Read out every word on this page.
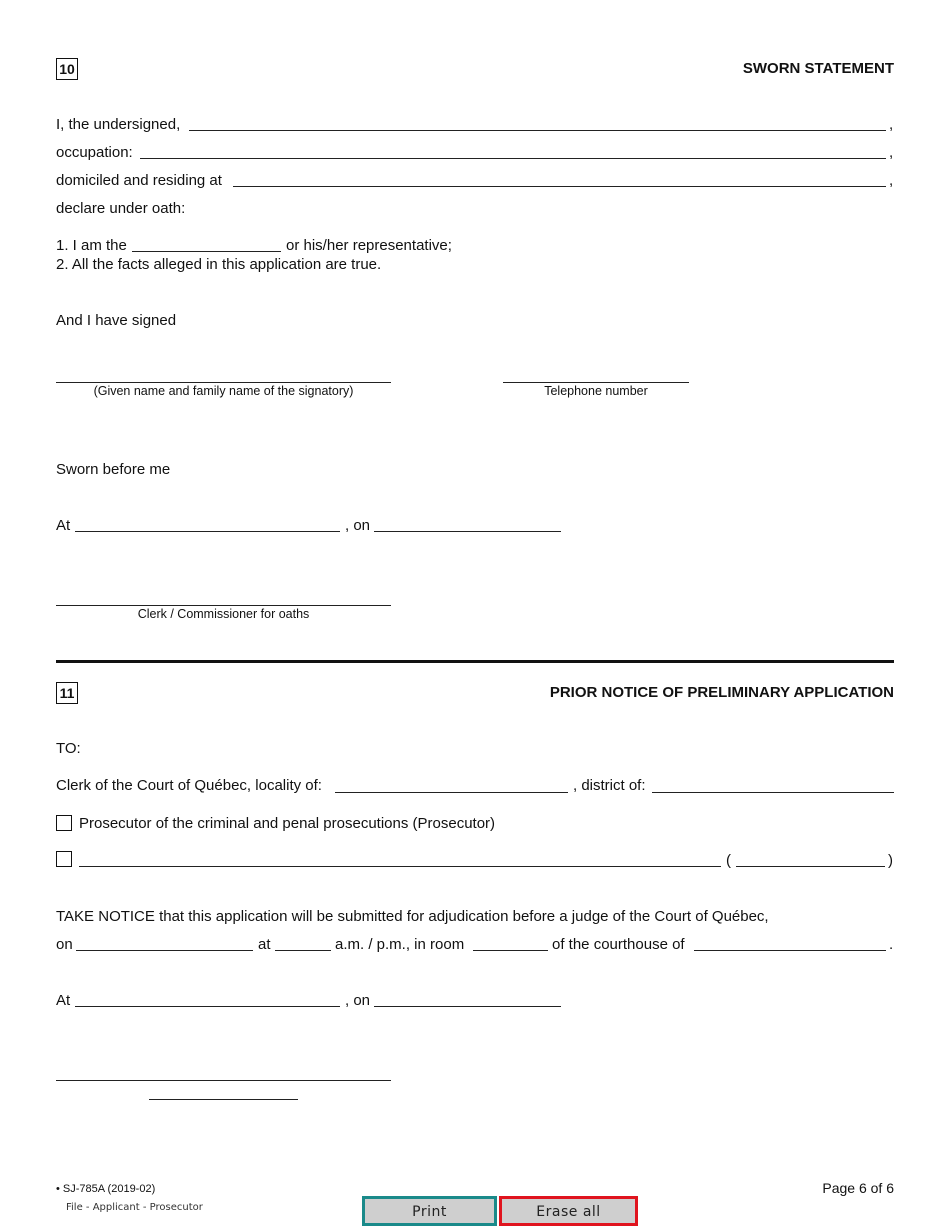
10	SWORN STATEMENT
I, the undersigned,	,
occupation:	,
domiciled and residing at	,
declare under oath:
1. I am the	or his/her representative;
2. All the facts alleged in this application are true.
And I have signed
(Given name and family name of the signatory)	Telephone number
Sworn before me
At	, on
Clerk / Commissioner for oaths
11	PRIOR NOTICE OF PRELIMINARY APPLICATION
TO:
Clerk of the Court of Québec, locality of:	, district of:
Prosecutor of the criminal and penal prosecutions (Prosecutor)
(	)
TAKE NOTICE that this application will be submitted for adjudication before a judge of the Court of Québec,
on	at	a.m. / p.m., in room	of the courthouse of	.
At	, on
• SJ-785A (2019-02)
File - Applicant - Prosecutor
Page 6 of 6
Print	Erase all
